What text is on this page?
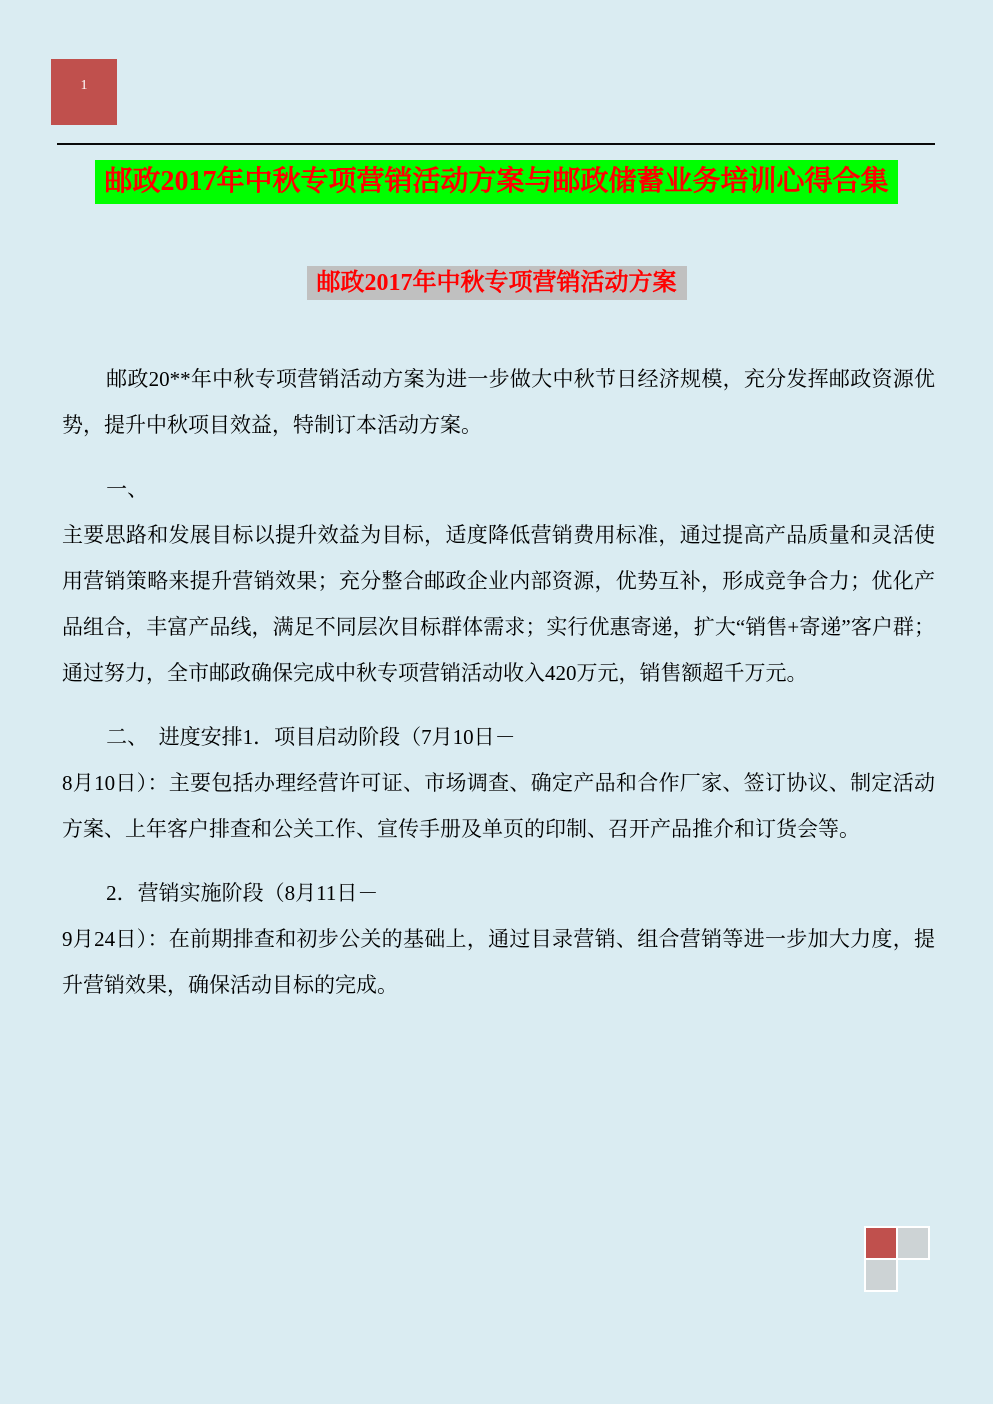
1
邮政2017年中秋专项营销活动方案与邮政储蓄业务培训心得合集
邮政2017年中秋专项营销活动方案
邮政20**年中秋专项营销活动方案为进一步做大中秋节日经济规模，充分发挥邮政资源优势，提升中秋项目效益，特制订本活动方案。
一、
主要思路和发展目标以提升效益为目标，适度降低营销费用标准，通过提高产品质量和灵活使用营销策略来提升营销效果；充分整合邮政企业内部资源，优势互补，形成竞争合力；优化产品组合，丰富产品线，满足不同层次目标群体需求；实行优惠寄递，扩大“销售+寄递”客户群；通过努力，全市邮政确保完成中秋专项营销活动收入420万元，销售额超千万元。
二、　进度安排1．项目启动阶段（7月10日－
8月10日）：主要包括办理经营许可证、市场调查、确定产品和合作厂家、签订协议、制定活动方案、上年客户排查和公关工作、宣传手册及单页的印制、召开产品推介和订货会等。
2．营销实施阶段（8月11日－
9月24日）：在前期排查和初步公关的基础上，通过目录营销、组合营销等进一步加大力度，提升营销效果，确保活动目标的完成。
